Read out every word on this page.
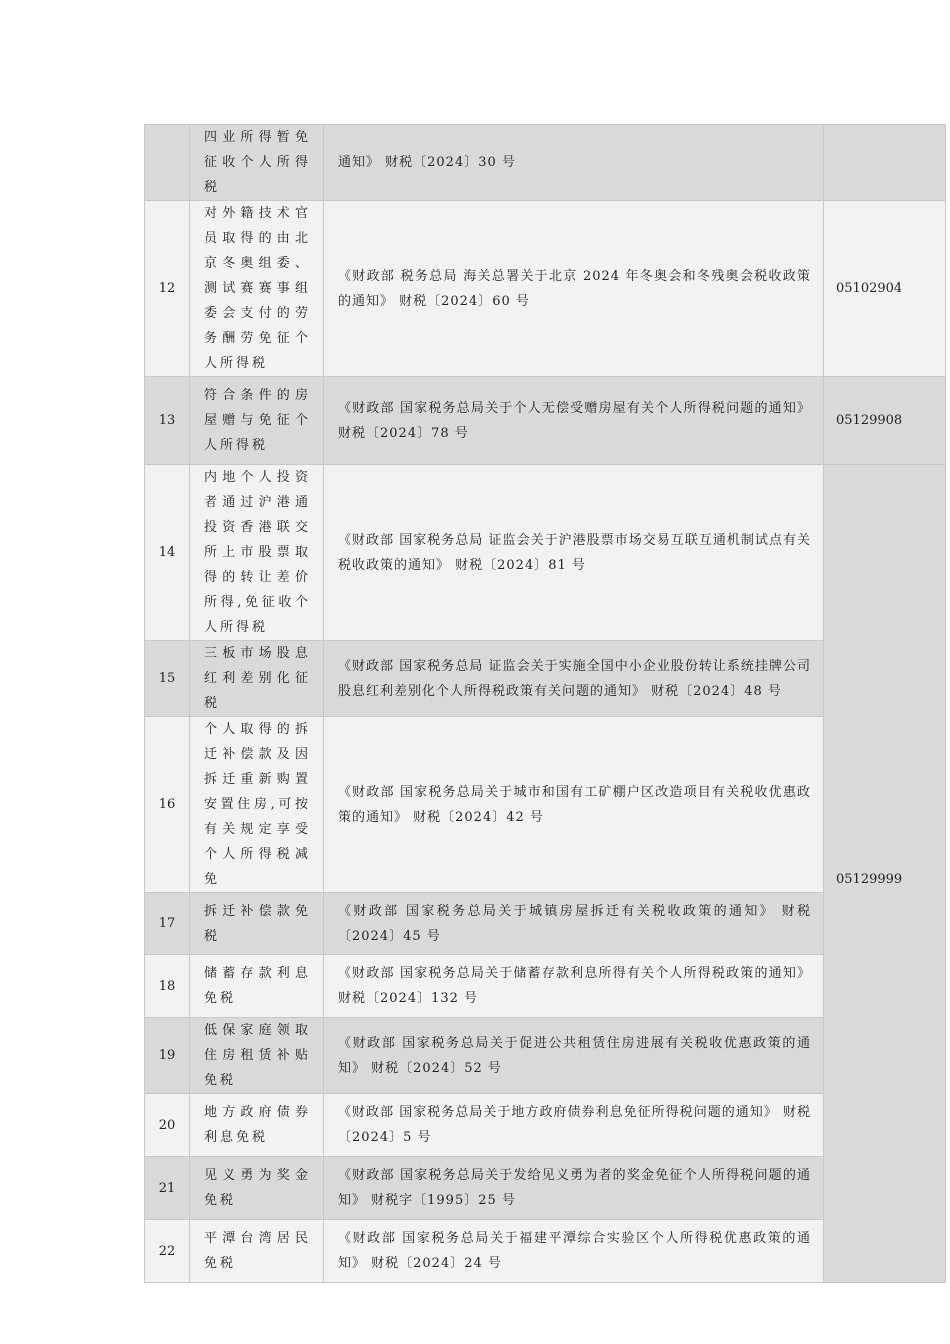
	四业所得暂免征收个人所得税	通知》 财税〔2024〕30 号	
12	对外籍技术官员取得的由北京冬奥组委、测试赛赛事组委会支付的劳务酬劳免征个人所得税	《财政部 税务总局 海关总署关于北京 2024 年冬奥会和冬残奥会税收政策的通知》 财税〔2024〕60 号	05102904
13	符合条件的房屋赠与免征个人所得税	《财政部 国家税务总局关于个人无偿受赠房屋有关个人所得税问题的通知》 财税〔2024〕78 号	05129908
14	内地个人投资者通过沪港通投资香港联交所上市股票取得的转让差价所得,免征收个人所得税	《财政部 国家税务总局 证监会关于沪港股票市场交易互联互通机制试点有关税收政策的通知》 财税〔2024〕81 号	05129999
15	三板市场股息红利差别化征税	《财政部 国家税务总局 证监会关于实施全国中小企业股份转让系统挂牌公司股息红利差别化个人所得税政策有关问题的通知》 财税〔2024〕48 号	
16	个人取得的拆迁补偿款及因拆迁重新购置安置住房,可按有关规定享受个人所得税减免	《财政部 国家税务总局关于城市和国有工矿棚户区改造项目有关税收优惠政策的通知》 财税〔2024〕42 号	
17	拆迁补偿款免税	《财政部 国家税务总局关于城镇房屋拆迁有关税收政策的通知》 财税〔2024〕45 号	
18	储蓄存款利息免税	《财政部 国家税务总局关于储蓄存款利息所得有关个人所得税政策的通知》 财税〔2024〕132 号	
19	低保家庭领取住房租赁补贴免税	《财政部 国家税务总局关于促进公共租赁住房进展有关税收优惠政策的通知》 财税〔2024〕52 号	
20	地方政府债券利息免税	《财政部 国家税务总局关于地方政府债券利息免征所得税问题的通知》 财税〔2024〕5 号	
21	见义勇为奖金免税	《财政部 国家税务总局关于发给见义勇为者的奖金免征个人所得税问题的通知》 财税字〔1995〕25 号	
22	平潭台湾居民免税	《财政部 国家税务总局关于福建平潭综合实验区个人所得税优惠政策的通知》 财税〔2024〕24 号	
